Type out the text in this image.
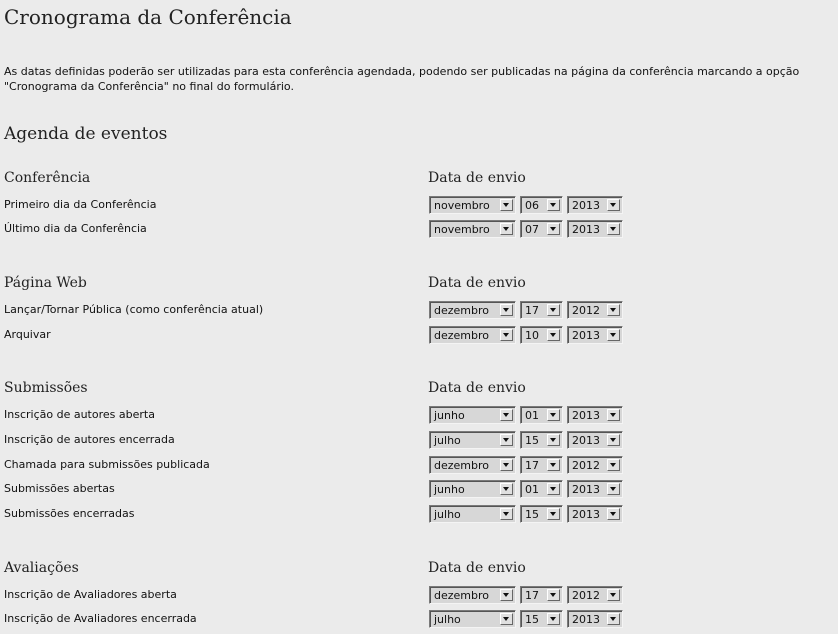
Cronograma da Conferência
As datas definidas poderão ser utilizadas para esta conferência agendada, podendo ser publicadas na página da conferência marcando a opção "Cronograma da Conferência" no final do formulário.
Agenda de eventos
Conferência	Data de envio
Primeiro dia da Conferência	novembro	06	2013
Último dia da Conferência	novembro	07	2013
Página Web	Data de envio
Lançar/Tornar Pública (como conferência atual)	dezembro	17	2012
Arquivar	dezembro	10	2013
Submissões	Data de envio
Inscrição de autores aberta	junho	01	2013
Inscrição de autores encerrada	julho	15	2013
Chamada para submissões publicada	dezembro	17	2012
Submissões abertas	junho	01	2013
Submissões encerradas	julho	15	2013
Avaliações	Data de envio
Inscrição de Avaliadores aberta	dezembro	17	2012
Inscrição de Avaliadores encerrada	julho	15	2013
